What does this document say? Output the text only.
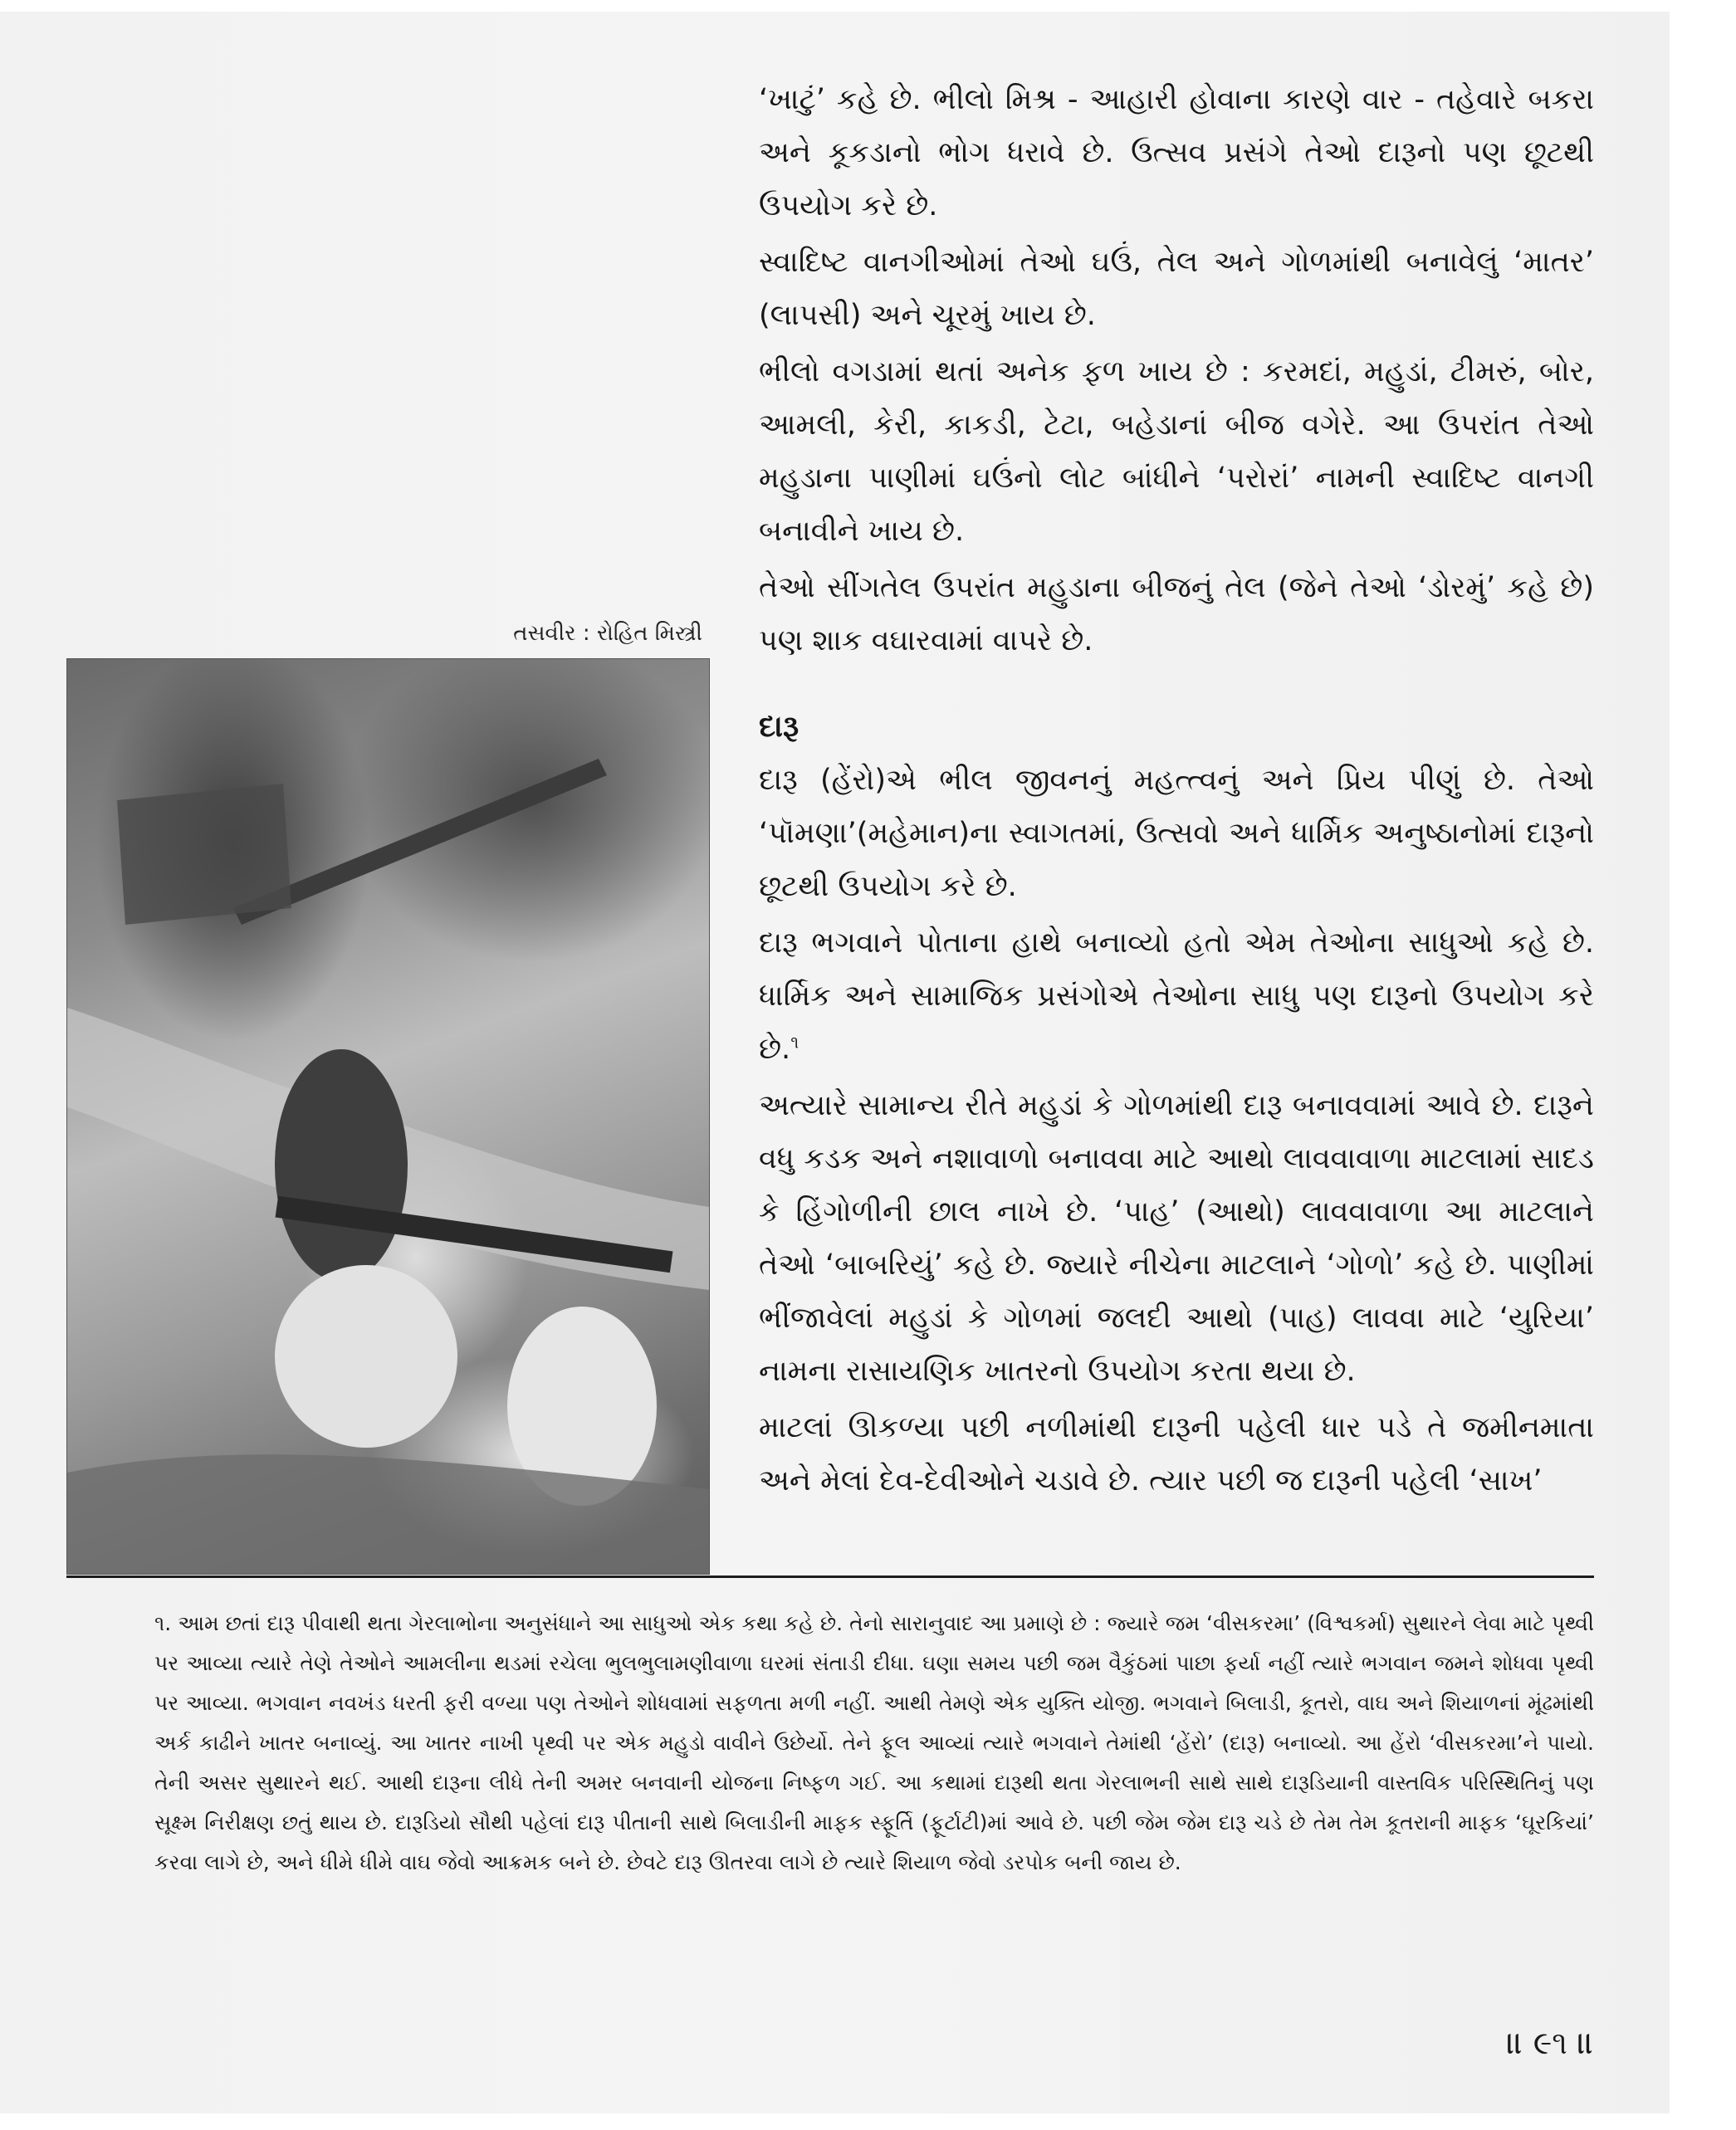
‘ખાટું’ કહે છે. ભીલો મિશ્ર - આહારી હોવાના કારણે વાર - તહેવારે બકરા અને કૂકડાનો ભોગ ધરાવે છે. ઉત્સવ પ્રસંગે તેઓ દારૂનો પણ છૂટથી ઉપયોગ કરે છે.

સ્વાદિષ્ટ વાનગીઓમાં તેઓ ઘઉં, તેલ અને ગોળમાંથી બનાવેલું ‘માતર’ (લાપસી) અને ચૂરમું ખાય છે.

ભીલો વગડામાં થતાં અનેક ફળ ખાય છે : કરમદાં, મહુડાં, ટીમરું, બોર, આમલી, કેરી, કાકડી, ટેટા, બહેડાનાં બીજ વગેરે. આ ઉપરાંત તેઓ મહુડાના પાણીમાં ઘઉંનો લોટ બાંધીને ‘પરોરાં’ નામની સ્વાદિષ્ટ વાનગી બનાવીને ખાય છે.

તેઓ સીંગતેલ ઉપરાંત મહુડાના બીજનું તેલ (જેને તેઓ ‘ડોરમું’ કહે છે) પણ શાક વઘારવામાં વાપરે છે.

દારૂ

દારૂ (હેંરો)એ ભીલ જીવનનું મહત્ત્વનું અને પ્રિય પીણું છે. તેઓ ‘પૉમણા’(મહેમાન)ના સ્વાગતમાં, ઉત્સવો અને ધાર્મિક અનુષ્ઠાનોમાં દારૂનો છૂટથી ઉપયોગ કરે છે.

દારૂ ભગવાને પોતાના હાથે બનાવ્યો હતો એમ તેઓના સાધુઓ કહે છે. ધાર્મિક અને સામાજિક પ્રસંગોએ તેઓના સાધુ પણ દારૂનો ઉપયોગ કરે છે.$^૧$

અત્યારે સામાન્ય રીતે મહુડાં કે ગોળમાંથી દારૂ બનાવવામાં આવે છે. દારૂને વધુ કડક અને નશાવાળો બનાવવા માટે આથો લાવવાવાળા માટલામાં સાદડ કે હિંગોળીની છાલ નાખે છે. ‘પાહ’ (આથો) લાવવાવાળા આ માટલાને તેઓ ‘બાબરિયું’ કહે છે. જ્યારે નીચેના માટલાને ‘ગોળો’ કહે છે. પાણીમાં ભીંજાવેલાં મહુડાં કે ગોળમાં જલદી આથો (પાહ) લાવવા માટે ‘યુરિયા’ નામના રાસાયણિક ખાતરનો ઉપયોગ કરતા થયા છે.

માટલાં ઊકળ્યા પછી નળીમાંથી દારૂની પહેલી ધાર પડે તે જમીનમાતા અને મેલાં દેવ-દેવીઓને ચડાવે છે. ત્યાર પછી જ દારૂની પહેલી ‘સાખ’

તસવીર : રોહિત મિસ્ત્રી
૧. આમ છતાં દારૂ પીવાથી થતા ગેરલાભોના અનુસંધાને આ સાધુઓ એક કથા કહે છે. તેનો સારાનુવાદ આ પ્રમાણે છે : જ્યારે જમ ‘વીસકરમા’ (વિશ્વકર્મા) સુથારને લેવા માટે પૃથ્વી પર આવ્યા ત્યારે તેણે તેઓને આમલીના થડમાં રચેલા ભુલભુલામણીવાળા ઘરમાં સંતાડી દીધા. ઘણા સમય પછી જમ વૈકુંઠમાં પાછા ફર્યા નહીં ત્યારે ભગવાન જમને શોધવા પૃથ્વી પર આવ્યા. ભગવાન નવખંડ ધરતી ફરી વળ્યા પણ તેઓને શોધવામાં સફળતા મળી નહીં. આથી તેમણે એક યુક્તિ યોજી. ભગવાને બિલાડી, કૂતરો, વાઘ અને શિયાળનાં મૂંઢમાંથી અર્ક કાઢીને ખાતર બનાવ્યું. આ ખાતર નાખી પૃથ્વી પર એક મહુડો વાવીને ઉછેર્યો. તેને ફૂલ આવ્યાં ત્યારે ભગવાને તેમાંથી ‘હેંરો’ (દારૂ) બનાવ્યો. આ હેંરો ‘વીસકરમા’ને પાયો. તેની અસર સુથારને થઈ. આથી દારૂના લીધે તેની અમર બનવાની યોજના નિષ્ફળ ગઈ. આ કથામાં દારૂથી થતા ગેરલાભની સાથે સાથે દારૂડિયાની વાસ્તવિક પરિસ્થિતિનું પણ સૂક્ષ્મ નિરીક્ષણ છતું થાય છે. દારૂડિયો સૌથી પહેલાં દારૂ પીતાની સાથે બિલાડીની માફક સ્ફૂર્તિ (ફૂર્ટાટી)માં આવે છે. પછી જેમ જેમ દારૂ ચડે છે તેમ તેમ કૂતરાની માફક ‘ઘૂરકિયાં’ કરવા લાગે છે, અને ધીમે ધીમે વાઘ જેવો આક્રમક બને છે. છેવટે દારૂ ઊતરવા લાગે છે ત્યારે શિયાળ જેવો ડરપોક બની જાય છે.
॥ ૯૧ ॥
